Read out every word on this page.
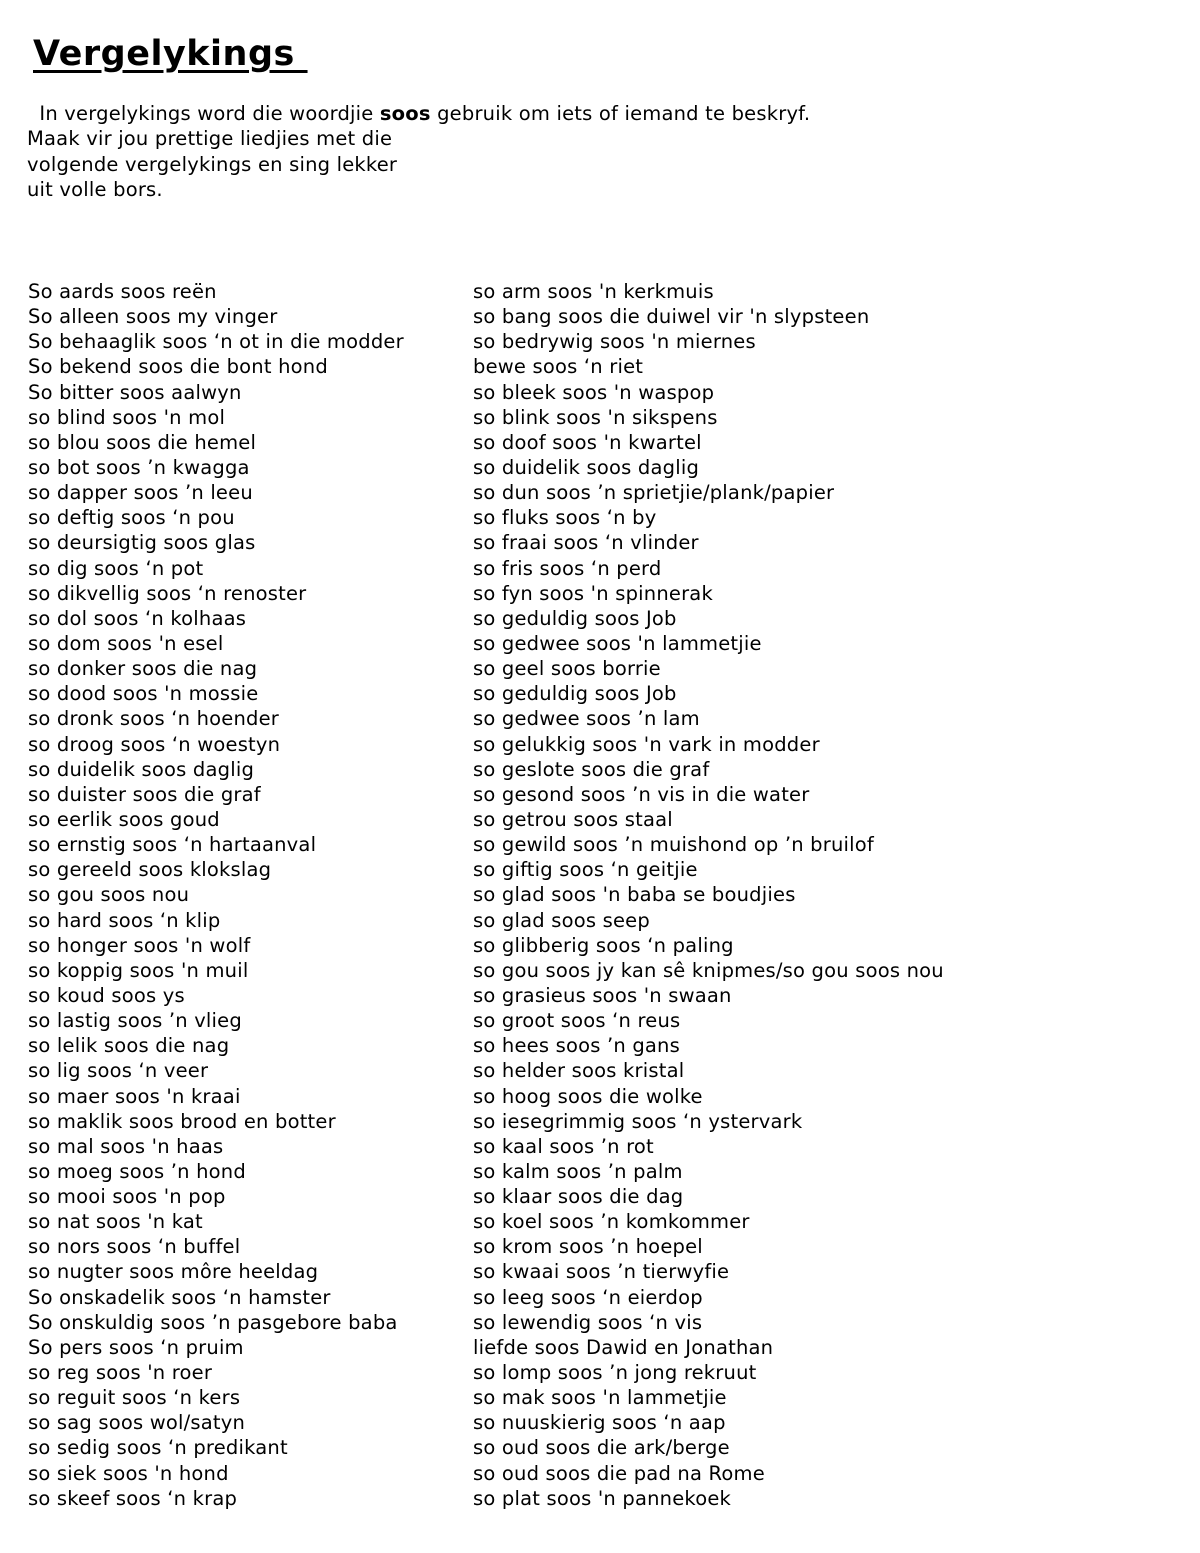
Vergelykings

In vergelykings word die woordjie soos gebruik om iets of iemand te beskryf.
Maak vir jou prettige liedjies met die
volgende vergelykings en sing lekker
uit volle bors.

So aards soos reën
So alleen soos my vinger
So behaaglik soos ‘n ot in die modder
So bekend soos die bont hond
So bitter soos aalwyn
so blind soos 'n mol
so blou soos die hemel
so bot soos ’n kwagga
so dapper soos ’n leeu
so deftig soos ‘n pou
so deursigtig soos glas
so dig soos ‘n pot
so dikvellig soos ‘n renoster
so dol soos ‘n kolhaas
so dom soos 'n esel
so donker soos die nag
so dood soos 'n mossie
so dronk soos ‘n hoender
so droog soos ‘n woestyn
so duidelik soos daglig
so duister soos die graf
so eerlik soos goud
so ernstig soos ‘n hartaanval
so gereeld soos klokslag
so gou soos nou
so hard soos ‘n klip
so honger soos 'n wolf
so koppig soos 'n muil
so koud soos ys
so lastig soos ’n vlieg
so lelik soos die nag
so lig soos ‘n veer
so maer soos 'n kraai
so maklik soos brood en botter
so mal soos 'n haas
so moeg soos ’n hond
so mooi soos 'n pop
so nat soos 'n kat
so nors soos ‘n buffel
so nugter soos môre heeldag
So onskadelik soos ‘n hamster
So onskuldig soos ’n pasgebore baba
So pers soos ‘n pruim
so reg soos 'n roer
so reguit soos ‘n kers
so sag soos wol/satyn
so sedig soos ‘n predikant
so siek soos 'n hond
so skeef soos ‘n krap
so arm soos 'n kerkmuis
so bang soos die duiwel vir 'n slypsteen
so bedrywig soos 'n miernes
bewe soos ‘n riet
so bleek soos 'n waspop
so blink soos 'n sikspens
so doof soos 'n kwartel
so duidelik soos daglig
so dun soos ’n sprietjie/plank/papier
so fluks soos ‘n by
so fraai soos ‘n vlinder
so fris soos ‘n perd
so fyn soos 'n spinnerak
so geduldig soos Job
so gedwee soos 'n lammetjie
so geel soos borrie
so geduldig soos Job
so gedwee soos ’n lam
so gelukkig soos 'n vark in modder
so geslote soos die graf
so gesond soos ’n vis in die water
so getrou soos staal
so gewild soos ’n muishond op ’n bruilof
so giftig soos ‘n geitjie
so glad soos 'n baba se boudjies
so glad soos seep
so glibberig soos ‘n paling
so gou soos jy kan sê knipmes/so gou soos nou
so grasieus soos 'n swaan
so groot soos ‘n reus
so hees soos ’n gans
so helder soos kristal
so hoog soos die wolke
so iesegrimmig soos ‘n ystervark
so kaal soos ’n rot
so kalm soos ’n palm
so klaar soos die dag
so koel soos ’n komkommer
so krom soos ’n hoepel
so kwaai soos ’n tierwyfie
so leeg soos ‘n eierdop
so lewendig soos ‘n vis
liefde soos Dawid en Jonathan
so lomp soos ’n jong rekruut
so mak soos 'n lammetjie
so nuuskierig soos ‘n aap
so oud soos die ark/berge
so oud soos die pad na Rome
so plat soos 'n pannekoek
